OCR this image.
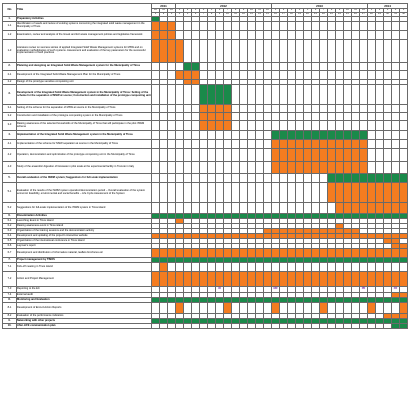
No	Title	2011			2012												2013												2014				
		10	11	12	1	2	3	4	5	6	7	8	9	10	11	12	1	2	3	4	5	6	7	8	9	10	11	12	1	2	3	4	5
		1	2	3	4	5	6	7	8	9	10	11	12	13	14	15	16	17	18	19	20	21	22	23	24	25	26	27	28	29	30	31	32
1.	Preparatory Activities																																
1-1	Identification of needs and review of existing systems concerning the integrated solid waste management in the Municipality of Tinos																																
1-2	Examination, review and analysis of the Greek and EU waste management policies and legislative framework																																
1-3	Literature review on success stories of applied Integrated Solid Waste Management systems for MSW and on evaluation methodologies of such systems. Assessment and evaluation of the key parameters for the successful implementation of best practices																																
2.	Planning and designing an Integrated Solid Waste Management system for the Municipality of Tinos																																
2-1	Development of the Integrated Solid Waste Management Plan for the Municipality of Tinos																																
2-2	Design of the prototype sensitive composting unit																																
3.	Development of the Integrated Solid Waste Management system in the Municipality of Tinos: Setting of the scheme for the separation of MSW at source; Construction and installation of the prototype composting unit																																
3-1	Setting of the scheme for the separation of MSW at source in the Municipality of Tinos																																
3-2	Construction and installation of the prototype composting system in the Municipality of Tinos																																
3-3	Raising awareness of the selected households of the Municipality of Tinos that will participate in the pilot ISWM scheme																																
4.	Implementation of the Integrated Solid Waste Management system in the Municipality of Tinos																																
4-1	Implementation of the scheme for MSW separation at source in the Municipality of Tinos																																
4-2	Operation, demonstration and optimization of the prototype composting unit in the Municipality of Tinos																																
4-3	Study of the anaerobic digestion of biowaste in pilot scale at the experimental facility in Trenoto in Italy																																
5.	Overall evaluation of the ISWM system; Suggestions for full-scale implementation																																
5-1	Evaluation of the results of the ISWM system operation/demonstration period – Overall evaluation of the system economic feasibility, environmental and social benefits – Life Cycle Assessment of the System																																
5-2	Suggestions for full-scale implementation of the ISWM system in Tinos island																																
6.	Dissemination Activities																																
6-1	Launching Event in Tinos island																																
6-2	Raising awareness event in Tinos island																																
6-3	Organization of the training sessions and the demonstration activity																																
6-4	Development and updating of the project's interactive website																																
6-5	Organization of the international conference in Tinos island																																
6-6	Layman's report																																
6-7	Development and distribution of informative material, leaflets brochures etc																																
7.	Project management by TINOS																																
7-1	Kick-off meeting in Tinos island																																
7-2	Action and Project Management																																
7-3	Reporting to the EC									IR							MR											PR				FR	
7-4	External audit																																
8.	Monitoring and Evaluation																																
8-1	Development of End-of-Action Reports																																
8-2	Evaluation of the performance indicators																																
9.	Networking with other projects																																
10.	After-LIFE communication plan																																
